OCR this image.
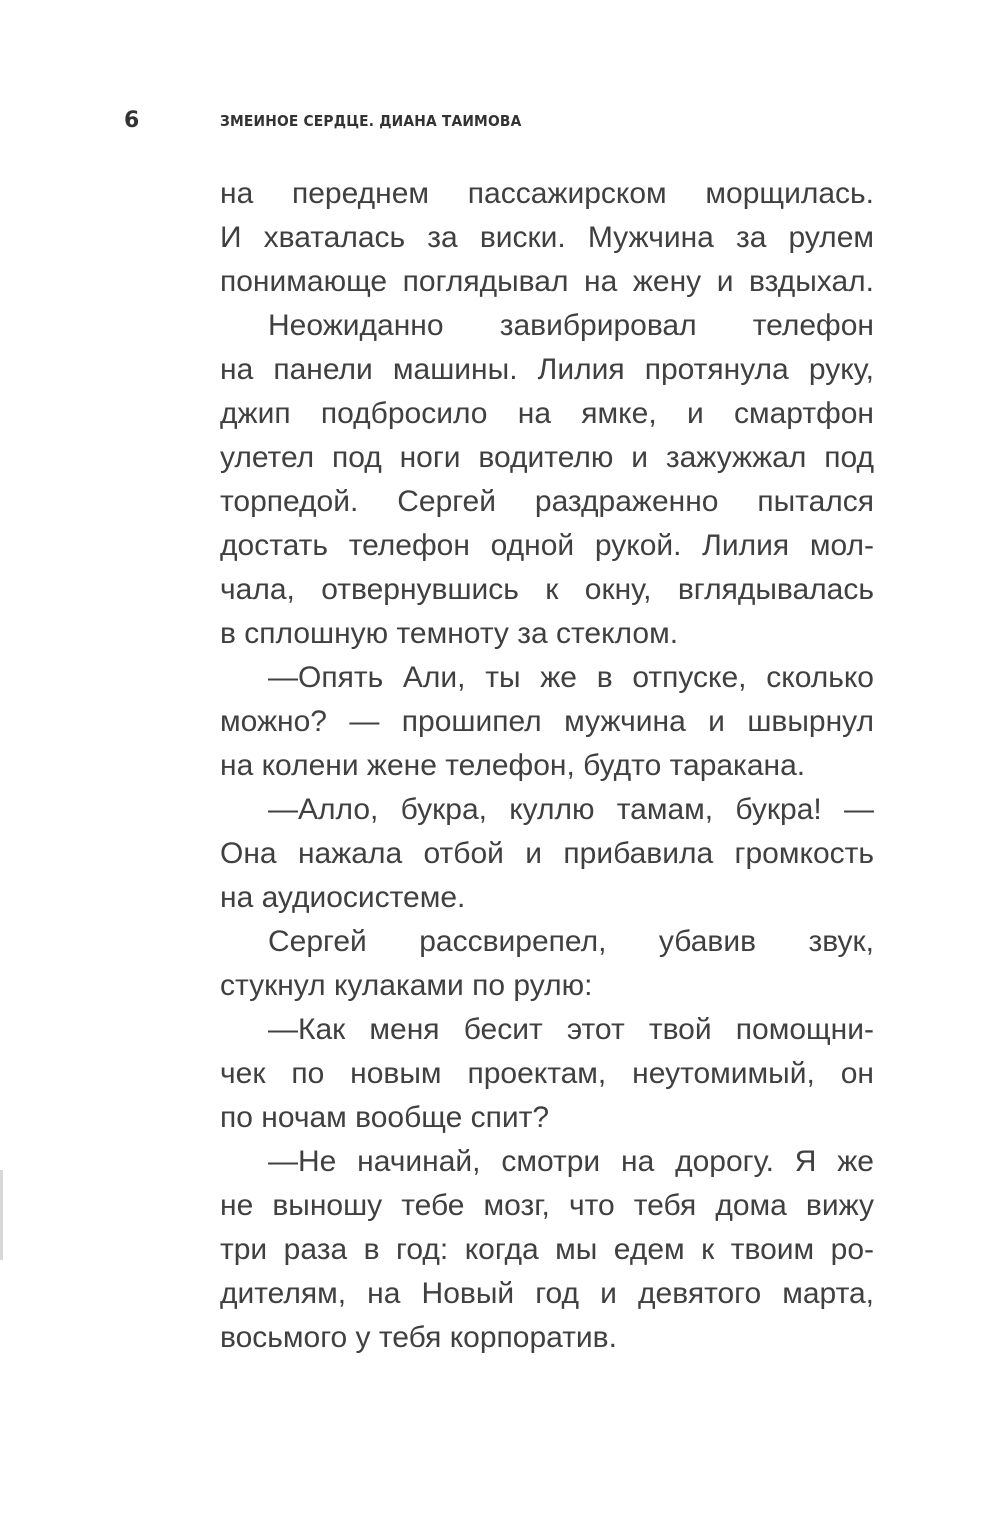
6	ЗМЕИНОЕ СЕРДЦЕ. ДИАНА ТАИМОВА
на переднем пассажирском морщилась.
И хваталась за виски. Мужчина за рулем
понимающе поглядывал на жену и вздыхал.
Неожиданно завибрировал телефон
на панели машины. Лилия протянула руку,
джип подбросило на ямке, и смартфон
улетел под ноги водителю и зажужжал под
торпедой. Сергей раздраженно пытался
достать телефон одной рукой. Лилия мол-
чала, отвернувшись к окну, вглядывалась
в сплошную темноту за стеклом.
—Опять Али, ты же в отпуске, сколько
можно? — прошипел мужчина и швырнул
на колени жене телефон, будто таракана.
—Алло, букра, куллю тамам, букра! —
Она нажала отбой и прибавила громкость
на аудиосистеме.
Сергей рассвирепел, убавив звук,
стукнул кулаками по рулю:
—Как меня бесит этот твой помощни-
чек по новым проектам, неутомимый, он
по ночам вообще спит?
—Не начинай, смотри на дорогу. Я же
не выношу тебе мозг, что тебя дома вижу
три раза в год: когда мы едем к твоим ро-
дителям, на Новый год и девятого марта,
восьмого у тебя корпоратив.
